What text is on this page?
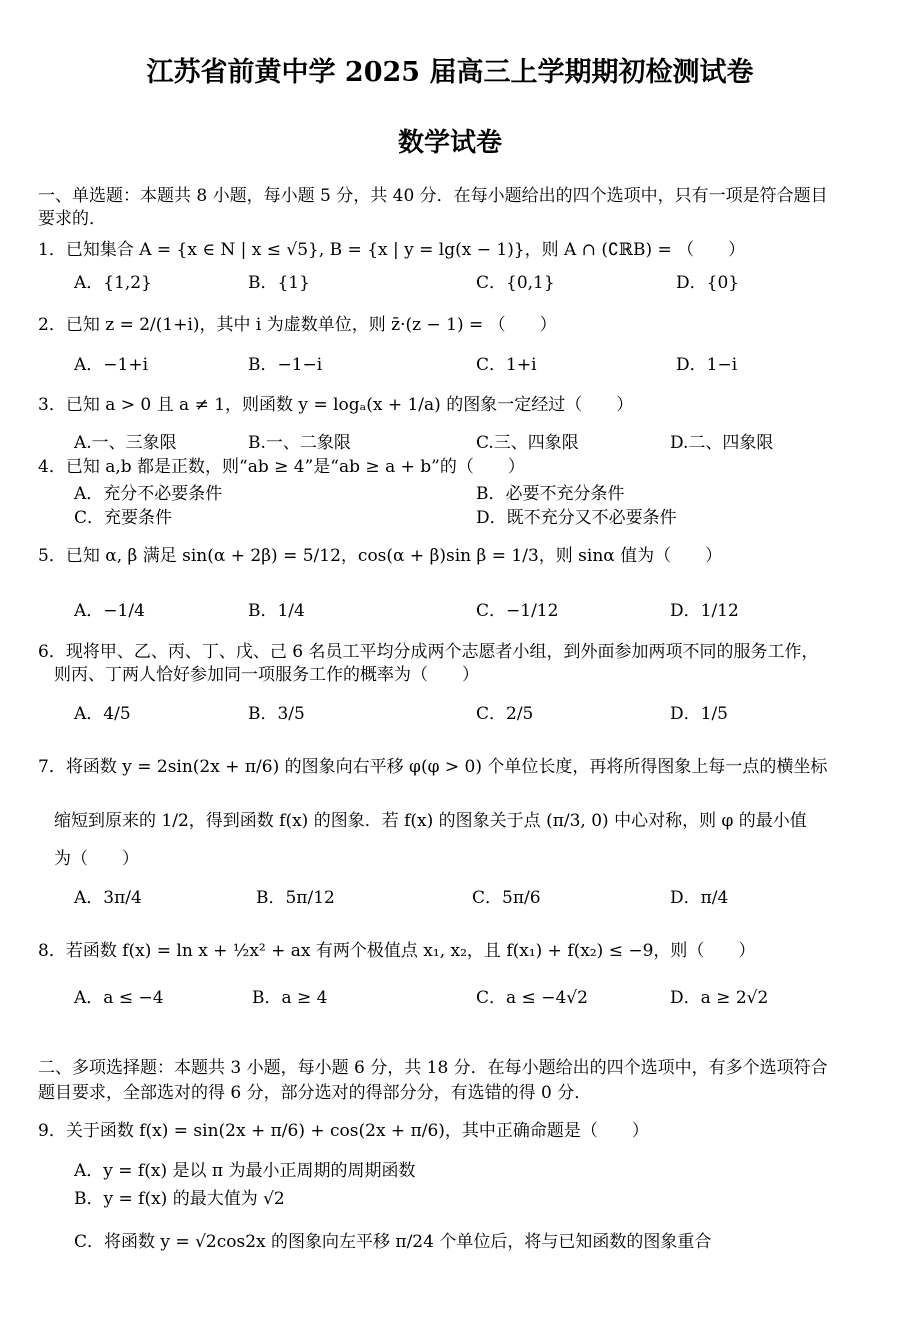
江苏省前黄中学 2025 届高三上学期期初检测试卷
数学试卷
一、单选题：本题共 8 小题，每小题 5 分，共 40 分．在每小题给出的四个选项中，只有一项是符合题目
要求的．
1．已知集合 A = {x ∈ N | x ≤ √5}, B = {x | y = lg(x − 1)}，则 A ∩ (∁ℝB) = （　　）
A．{1,2}	B．{1}	C．{0,1}	D．{0}
2．已知 z = 2/(1+i)，其中 i 为虚数单位，则 z̄·(z − 1) = （　　）
A．−1+i	B．−1−i	C．1+i	D．1−i
3．已知 a > 0 且 a ≠ 1，则函数 y = logₐ(x + 1/a) 的图象一定经过（　　）
A.一、三象限	B.一、二象限	C.三、四象限	D.二、四象限
4．已知 a,b 都是正数，则“ab ≥ 4”是“ab ≥ a + b”的（　　）
A．充分不必要条件	B．必要不充分条件
C．充要条件	D．既不充分又不必要条件
5．已知 α, β 满足 sin(α + 2β) = 5/12，cos(α + β)sin β = 1/3，则 sinα 值为（　　）
A．−1/4	B．1/4	C．−1/12	D．1/12
6．现将甲、乙、丙、丁、戊、己 6 名员工平均分成两个志愿者小组，到外面参加两项不同的服务工作，
则丙、丁两人恰好参加同一项服务工作的概率为（　　）
A．4/5	B．3/5	C．2/5	D．1/5
7．将函数 y = 2sin(2x + π/6) 的图象向右平移 φ(φ > 0) 个单位长度，再将所得图象上每一点的横坐标
缩短到原来的 1/2，得到函数 f(x) 的图象．若 f(x) 的图象关于点 (π/3, 0) 中心对称，则 φ 的最小值
为（　　）
A．3π/4	B．5π/12	C．5π/6	D．π/4
8．若函数 f(x) = ln x + ½x² + ax 有两个极值点 x₁, x₂，且 f(x₁) + f(x₂) ≤ −9，则（　　）
A．a ≤ −4	B．a ≥ 4	C．a ≤ −4√2	D．a ≥ 2√2
二、多项选择题：本题共 3 小题，每小题 6 分，共 18 分．在每小题给出的四个选项中，有多个选项符合
题目要求，全部选对的得 6 分，部分选对的得部分分，有选错的得 0 分．
9．关于函数 f(x) = sin(2x + π/6) + cos(2x + π/6)，其中正确命题是（　　）
A．y = f(x) 是以 π 为最小正周期的周期函数
B．y = f(x) 的最大值为 √2
C．将函数 y = √2cos2x 的图象向左平移 π/24 个单位后，将与已知函数的图象重合
